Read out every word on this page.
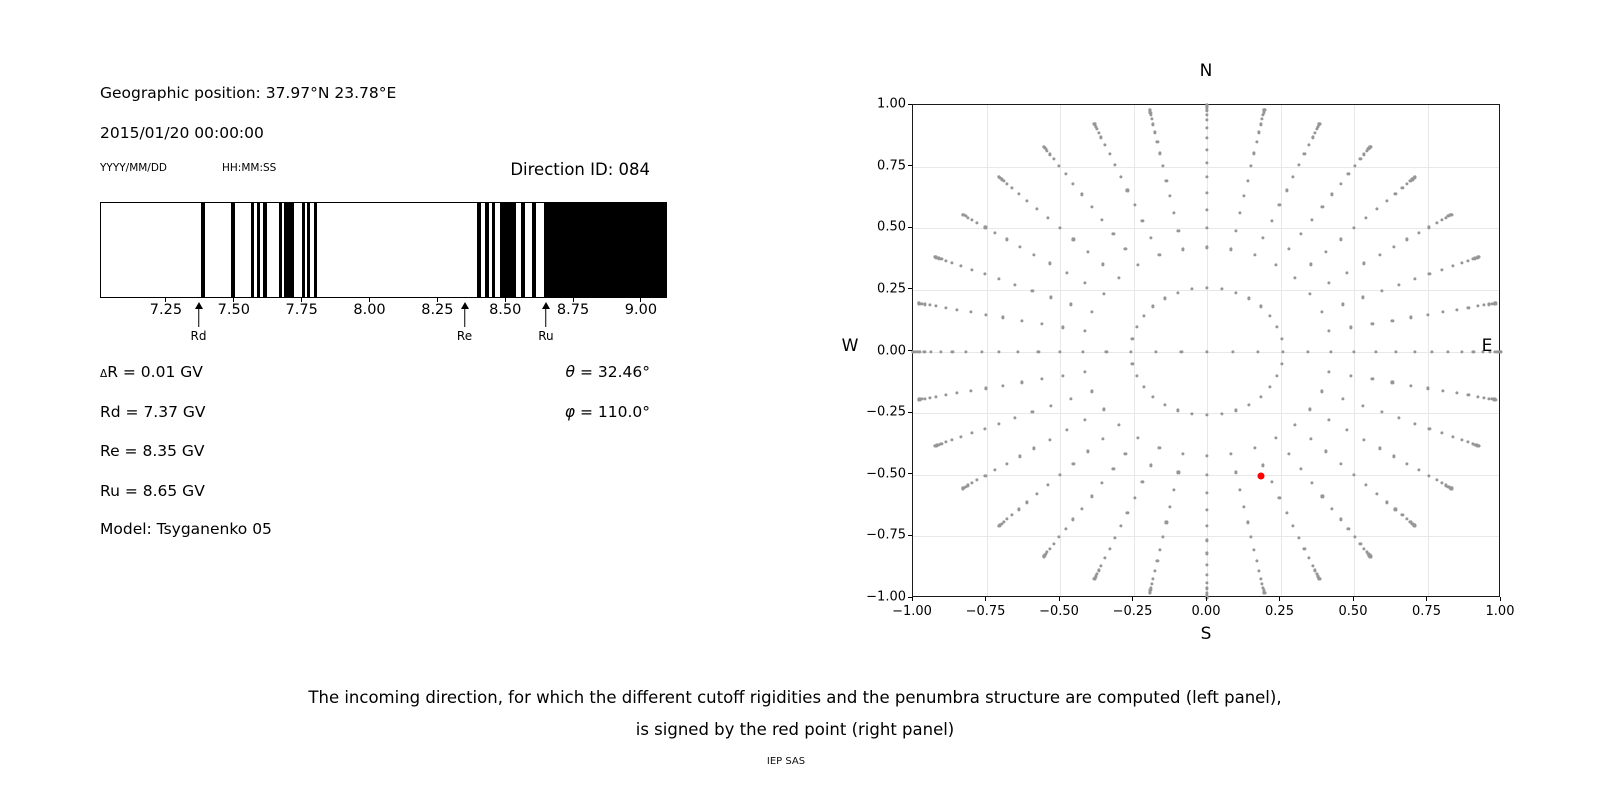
Geographic position: 37.97°N 23.78°E
2015/01/20 00:00:00
YYYY/MM/DD	HH:MM:SS	Direction ID: 084
7.25 7.50 7.75 8.00 8.25 8.50 8.75 9.00
Rd	Re	Ru
ΔR = 0.01 GV
Rd = 7.37 GV
Re = 8.35 GV
Ru = 8.65 GV
Model: Tsyganenko 05
θ = 32.46°
φ = 110.0°
−1.00	−0.75	−0.50	−0.25	0.00	0.25	0.50	0.75	1.00
1.00
0.75
0.50
0.25
0.00
−0.25
−0.50
−0.75
−1.00
N
S
W	E
The incoming direction, for which the different cutoff rigidities and the penumbra structure are computed (left panel),
is signed by the red point (right panel)
IEP SAS
